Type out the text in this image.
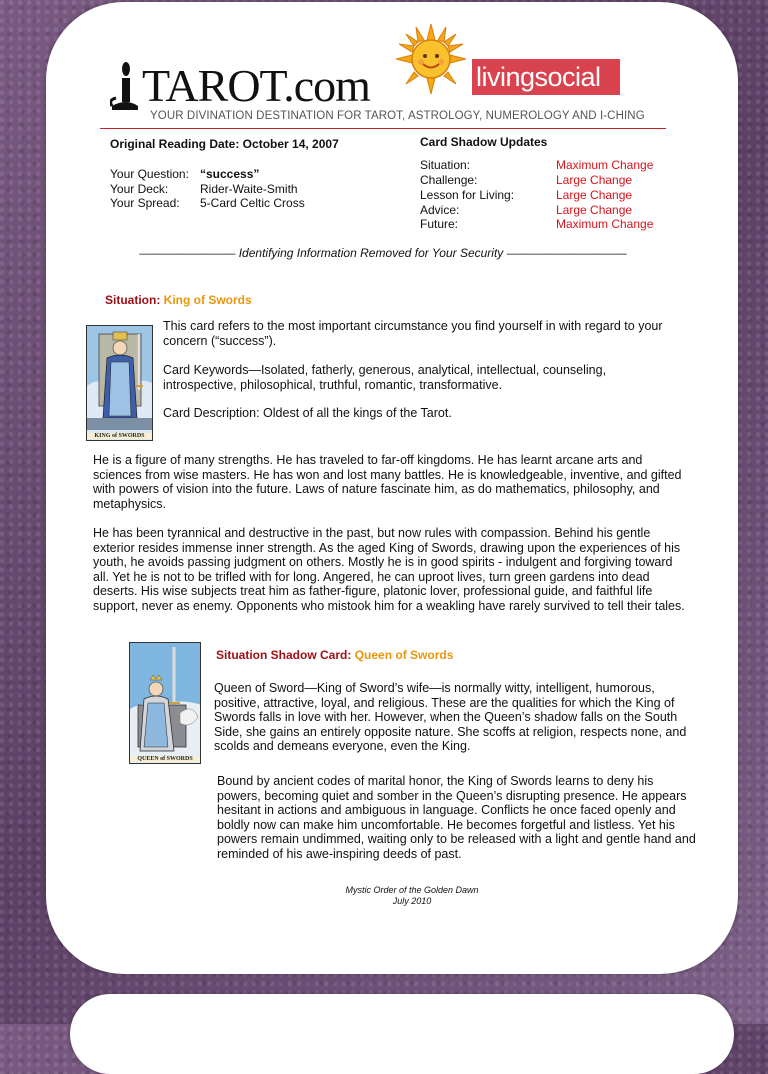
TAROT.com
YOUR DIVINATION DESTINATION FOR TAROT, ASTROLOGY, NUMEROLOGY AND I-CHING
livingsocial
Original Reading Date: October 14, 2007
Your Question: “success”
Your Deck:	Rider-Waite-Smith
Your Spread: 5-Card Celtic Cross
Card Shadow Updates
Situation:	Maximum Change
Challenge:	Large Change
Lesson for Living:	Large Change
Advice:	Large Change
Future:	Maximum Change
———————— Identifying Information Removed for Your Security ——————————
Situation: King of Swords
KING of SWORDS
This card refers to the most important circumstance you find yourself in with regard to your concern (“success”).
Card Keywords—Isolated, fatherly, generous, analytical, intellectual, counseling, introspective, philosophical, truthful, romantic, transformative.
Card Description: Oldest of all the kings of the Tarot.
He is a figure of many strengths. He has traveled to far-off kingdoms. He has learnt arcane arts and sciences from wise masters. He has won and lost many battles. He is knowledgeable, inventive, and gifted with powers of vision into the future. Laws of nature fascinate him, as do mathematics, philosophy, and metaphysics.
He has been tyrannical and destructive in the past, but now rules with compassion. Behind his gentle exterior resides immense inner strength. As the aged King of Swords, drawing upon the experiences of his youth, he avoids passing judgment on others. Mostly he is in good spirits - indulgent and forgiving toward all. Yet he is not to be trifled with for long. Angered, he can uproot lives, turn green gardens into dead deserts. His wise subjects treat him as father-figure, platonic lover, professional guide, and faithful life support, never as enemy. Opponents who mistook him for a weakling have rarely survived to tell their tales.
QUEEN of SWORDS
Situation Shadow Card: Queen of Swords
Queen of Sword—King of Sword’s wife—is normally witty, intelligent, humorous, positive, attractive, loyal, and religious. These are the qualities for which the King of Swords falls in love with her. However, when the Queen’s shadow falls on the South Side, she gains an entirely opposite nature. She scoffs at religion, respects none, and scolds and demeans everyone, even the King.
Bound by ancient codes of marital honor, the King of Swords learns to deny his powers, becoming quiet and somber in the Queen’s disrupting presence. He appears hesitant in actions and ambiguous in language. Conflicts he once faced openly and boldly now can make him uncomfortable. He becomes forgetful and listless. Yet his powers remain undimmed, waiting only to be released with a light and gentle hand and reminded of his awe-inspiring deeds of past.
Mystic Order of the Golden Dawn
July 2010
